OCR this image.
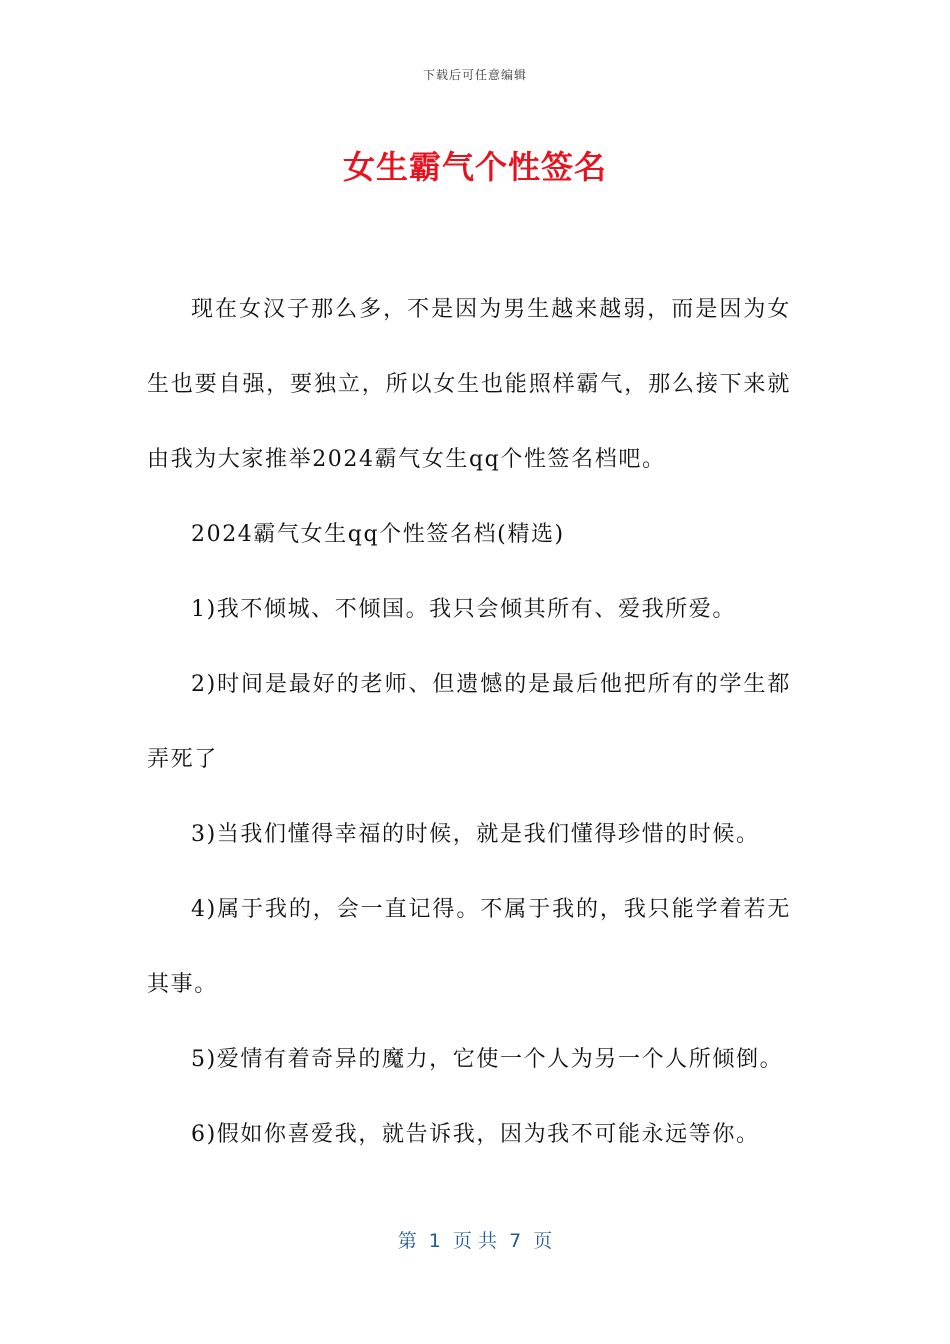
下载后可任意编辑
女生霸气个性签名

现在女汉子那么多，不是因为男生越来越弱，而是因为女生也要自强，要独立，所以女生也能照样霸气，那么接下来就由我为大家推举2024霸气女生qq个性签名档吧。

2024霸气女生qq个性签名档(精选)

1)我不倾城、不倾国。我只会倾其所有、爱我所爱。

2)时间是最好的老师、但遗憾的是最后他把所有的学生都弄死了

3)当我们懂得幸福的时候，就是我们懂得珍惜的时候。

4)属于我的，会一直记得。不属于我的，我只能学着若无其事。

5)爱情有着奇异的魔力，它使一个人为另一个人所倾倒。

6)假如你喜爱我，就告诉我，因为我不可能永远等你。

第  1  页 共  7  页
